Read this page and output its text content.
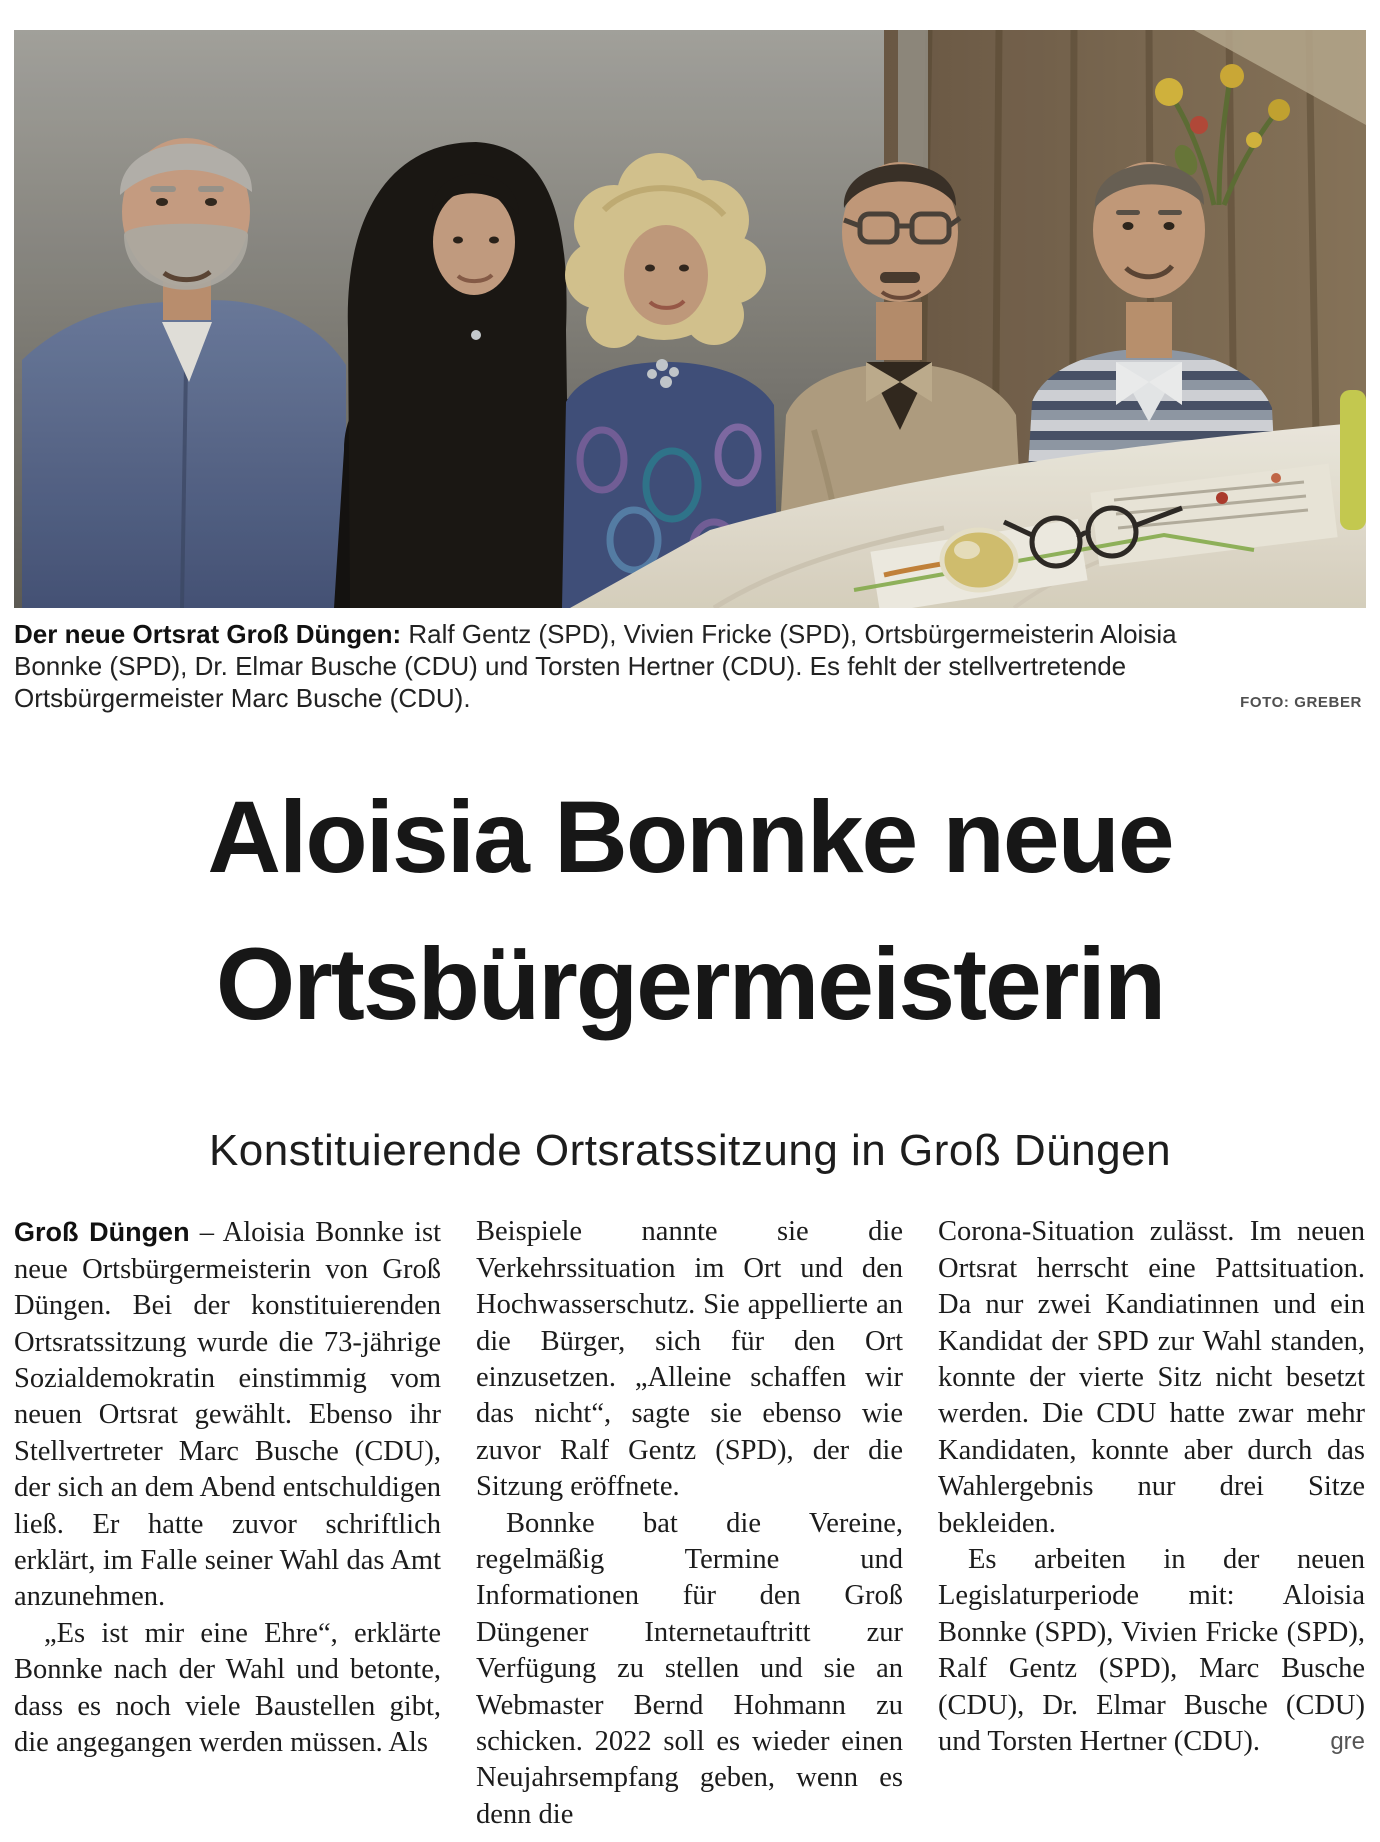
Der neue Ortsrat Groß Düngen: Ralf Gentz (SPD), Vivien Fricke (SPD), Ortsbürgermeisterin Aloisia Bonnke (SPD), Dr. Elmar Busche (CDU) und Torsten Hertner (CDU). Es fehlt der stellvertretende Ortsbürgermeister Marc Busche (CDU).	FOTO: GREBER
Aloisia Bonnke neue
Ortsbürgermeisterin
Konstituierende Ortsratssitzung in Groß Düngen

Groß Düngen – Aloisia Bonnke ist neue Ortsbürgermeisterin von Groß Düngen. Bei der konstituierenden Ortsratssitzung wurde die 73-jährige Sozialdemokratin einstimmig vom neuen Ortsrat gewählt. Ebenso ihr Stellvertreter Marc Busche (CDU), der sich an dem Abend entschuldigen ließ. Er hatte zuvor schriftlich erklärt, im Falle seiner Wahl das Amt anzunehmen.

„Es ist mir eine Ehre“, erklärte Bonnke nach der Wahl und betonte, dass es noch viele Baustellen gibt, die angegangen werden müssen. Als

Beispiele nannte sie die Verkehrssituation im Ort und den Hochwasserschutz. Sie appellierte an die Bürger, sich für den Ort einzusetzen. „Alleine schaffen wir das nicht“, sagte sie ebenso wie zuvor Ralf Gentz (SPD), der die Sitzung eröffnete.

Bonnke bat die Vereine, regelmäßig Termine und Informationen für den Groß Düngener Internetauftritt zur Verfügung zu stellen und sie an Webmaster Bernd Hohmann zu schicken. 2022 soll es wieder einen Neujahrsempfang geben, wenn es denn die

Corona-Situation zulässt. Im neuen Ortsrat herrscht eine Pattsituation. Da nur zwei Kandiatinnen und ein Kandidat der SPD zur Wahl standen, konnte der vierte Sitz nicht besetzt werden. Die CDU hatte zwar mehr Kandidaten, konnte aber durch das Wahlergebnis nur drei Sitze bekleiden.

Es arbeiten in der neuen Legislaturperiode mit: Aloisia Bonnke (SPD), Vivien Fricke (SPD), Ralf Gentz (SPD), Marc Busche (CDU), Dr. Elmar Busche (CDU) und Torsten Hertner (CDU).	gre
